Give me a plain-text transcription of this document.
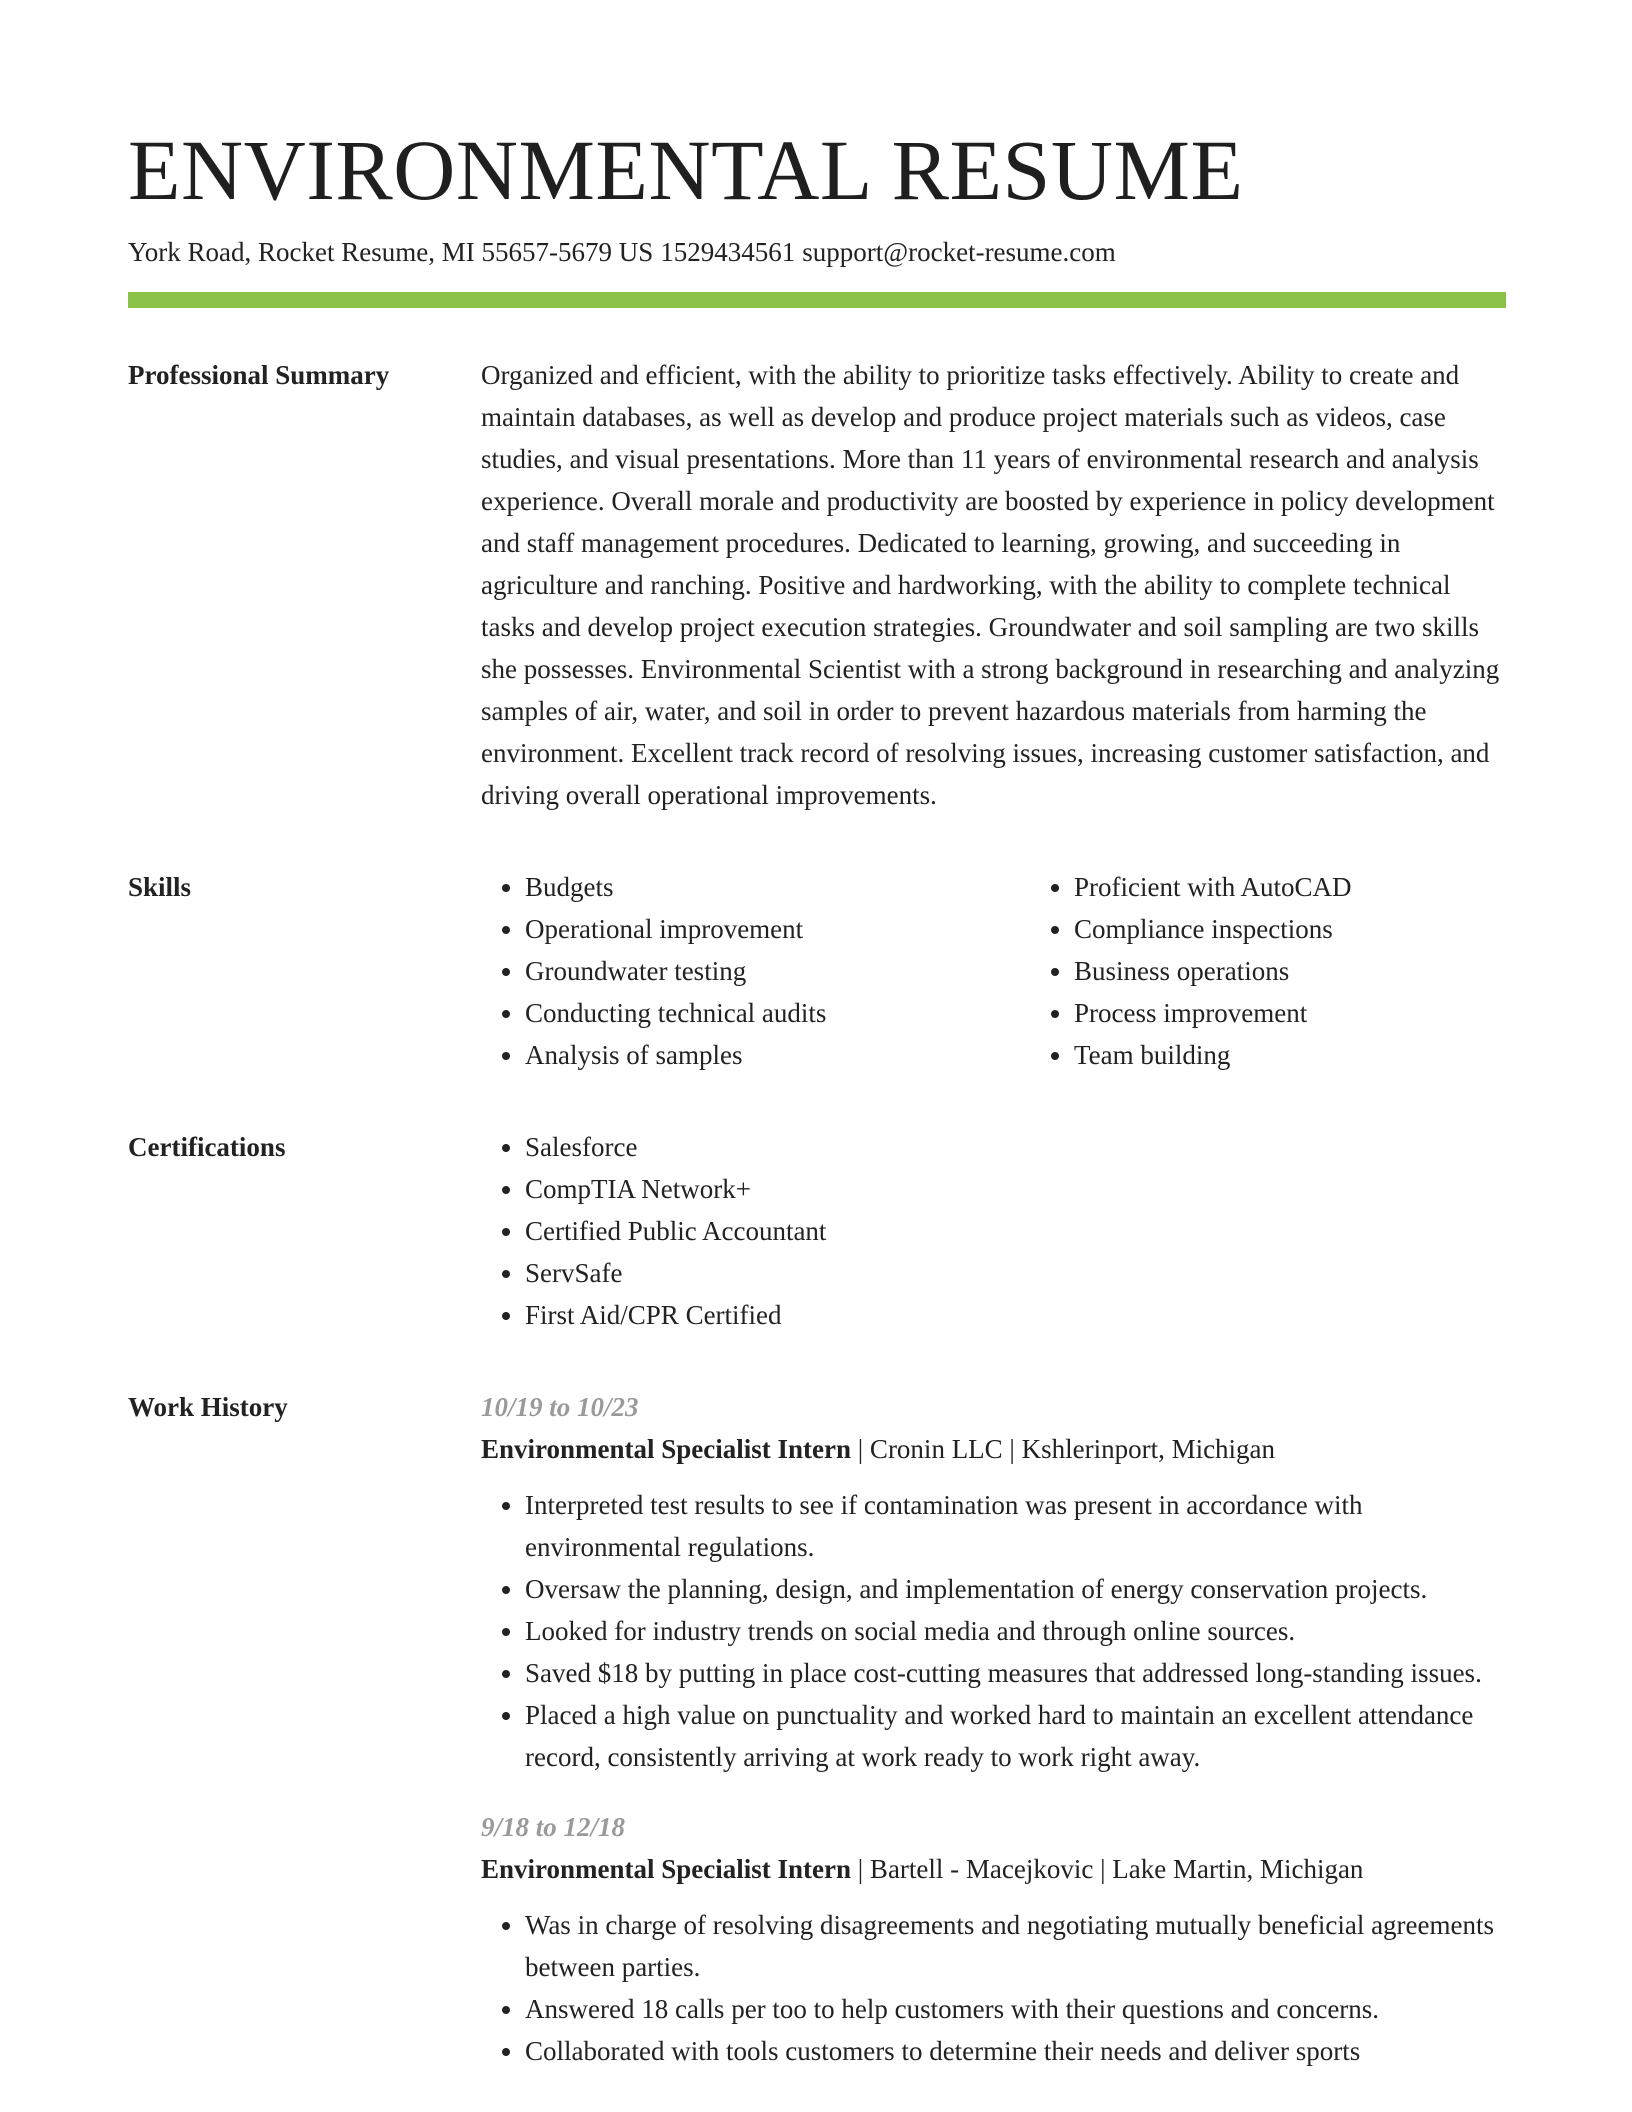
ENVIRONMENTAL RESUME
York Road, Rocket Resume, MI 55657-5679 US 1529434561 support@rocket-resume.com
Professional Summary	Organized and efficient, with the ability to prioritize tasks effectively. Ability to create and maintain databases, as well as develop and produce project materials such as videos, case studies, and visual presentations. More than 11 years of environmental research and analysis experience. Overall morale and productivity are boosted by experience in policy development and staff management procedures. Dedicated to learning, growing, and succeeding in agriculture and ranching. Positive and hardworking, with the ability to complete technical tasks and develop project execution strategies. Groundwater and soil sampling are two skills she possesses. Environmental Scientist with a strong background in researching and analyzing samples of air, water, and soil in order to prevent hazardous materials from harming the environment. Excellent track record of resolving issues, increasing customer satisfaction, and driving overall operational improvements.

Skills	• Budgets
• Operational improvement
• Groundwater testing
• Conducting technical audits
• Analysis of samples
• Proficient with AutoCAD
• Compliance inspections
• Business operations
• Process improvement
• Team building
Certifications	• Salesforce
• CompTIA Network+
• Certified Public Accountant
• ServSafe
• First Aid/CPR Certified
Work History	10/19 to 10/23
Environmental Specialist Intern | Cronin LLC | Kshlerinport, Michigan
• Interpreted test results to see if contamination was present in accordance with environmental regulations.
• Oversaw the planning, design, and implementation of energy conservation projects.
• Looked for industry trends on social media and through online sources.
• Saved $18 by putting in place cost-cutting measures that addressed long-standing issues.
• Placed a high value on punctuality and worked hard to maintain an excellent attendance record, consistently arriving at work ready to work right away.
9/18 to 12/18
Environmental Specialist Intern | Bartell - Macejkovic | Lake Martin, Michigan
• Was in charge of resolving disagreements and negotiating mutually beneficial agreements between parties.
• Answered 18 calls per too to help customers with their questions and concerns.
• Collaborated with tools customers to determine their needs and deliver sports
